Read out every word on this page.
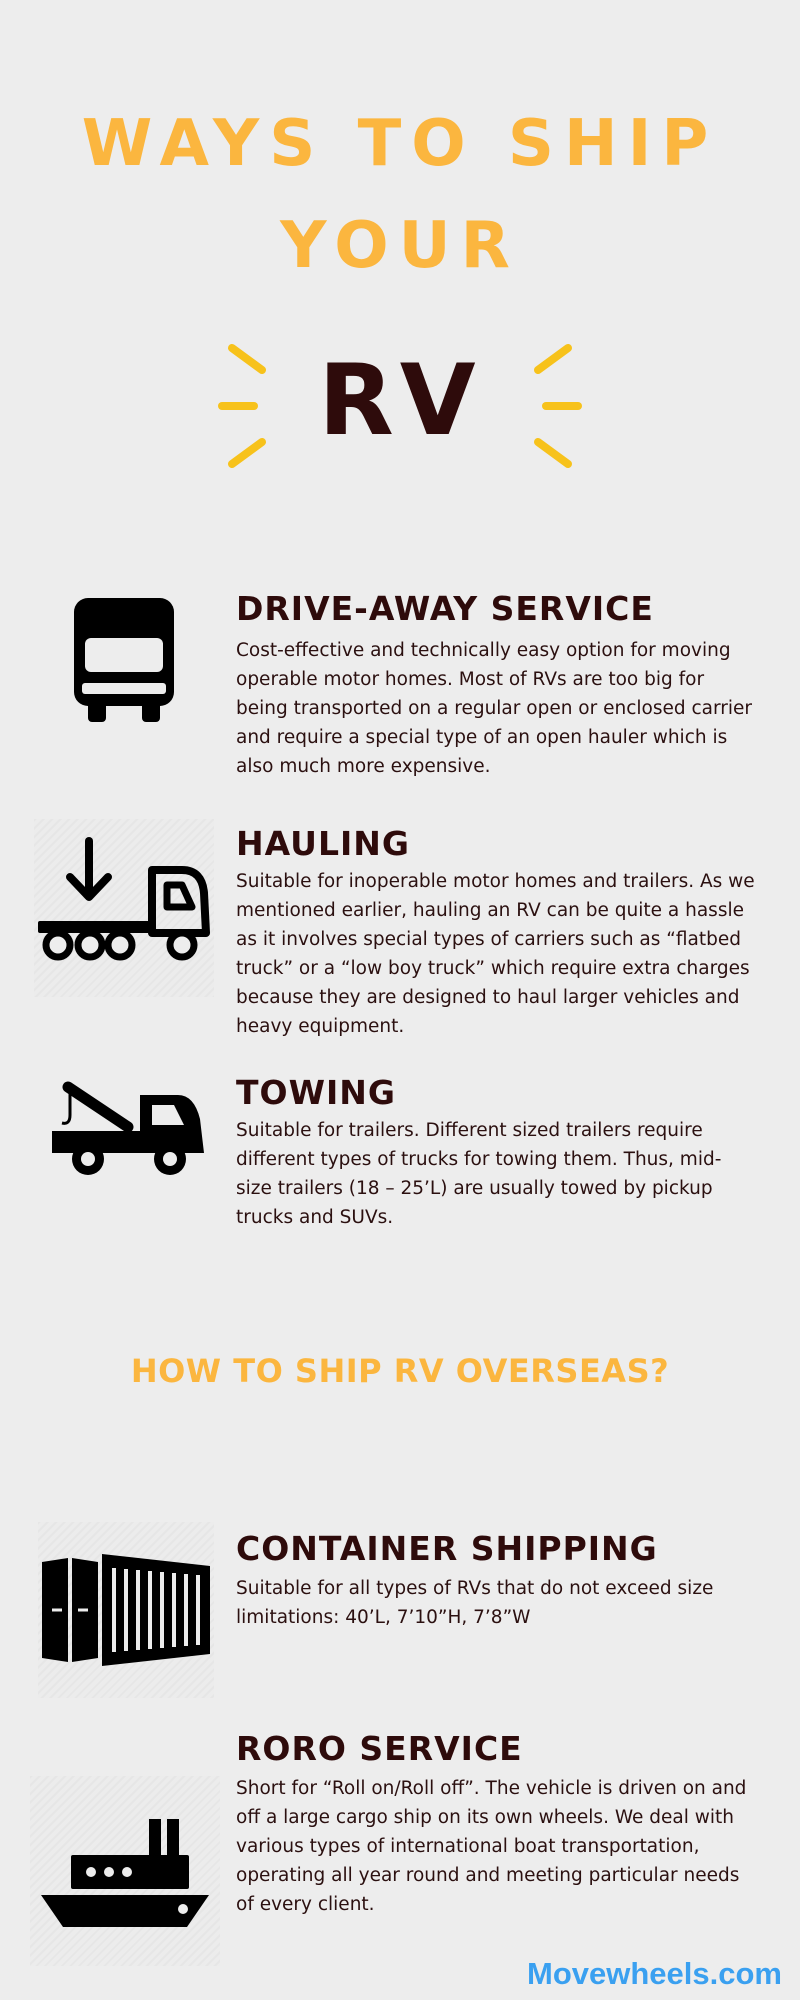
WAYS TO SHIP
YOUR
RV
DRIVE-AWAY SERVICE

Cost-effective and technically easy option for moving operable motor homes. Most of RVs are too big for being transported on a regular open or enclosed carrier and require a special type of an open hauler which is also much more expensive.

HAULING

Suitable for inoperable motor homes and trailers. As we mentioned earlier, hauling an RV can be quite a hassle as it involves special types of carriers such as “flatbed truck” or a “low boy truck” which require extra charges because they are designed to haul larger vehicles and heavy equipment.

TOWING

Suitable for trailers. Different sized trailers require different types of trucks for towing them. Thus, mid-size trailers (18 – 25’L) are usually towed by pickup trucks and SUVs.

HOW TO SHIP RV OVERSEAS?
CONTAINER SHIPPING

Suitable for all types of RVs that do not exceed size limitations: 40’L, 7’10”H, 7’8”W

RORO SERVICE

Short for “Roll on/Roll off”. The vehicle is driven on and off a large cargo ship on its own wheels. We deal with various types of international boat transportation, operating all year round and meeting particular needs of every client.

Movewheels.com
